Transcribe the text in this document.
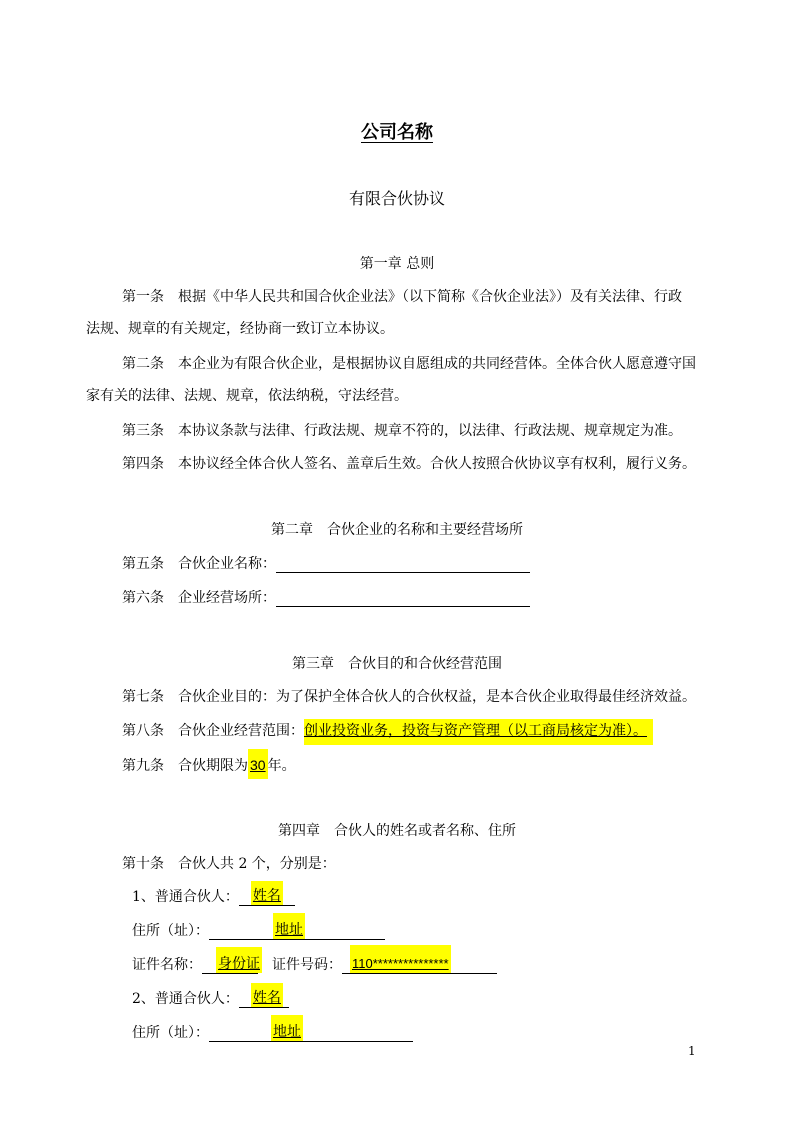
公司名称
有限合伙协议
第一章 总则
第一条 根据《中华人民共和国合伙企业法》（以下简称《合伙企业法》）及有关法律、行政
法规、规章的有关规定，经协商一致订立本协议。
第二条 本企业为有限合伙企业，是根据协议自愿组成的共同经营体。全体合伙人愿意遵守国
家有关的法律、法规、规章，依法纳税，守法经营。
第三条 本协议条款与法律、行政法规、规章不符的，以法律、行政法规、规章规定为准。
第四条 本协议经全体合伙人签名、盖章后生效。合伙人按照合伙协议享有权利，履行义务。
第二章　合伙企业的名称和主要经营场所
第五条 合伙企业名称：
第六条 企业经营场所：
第三章　合伙目的和合伙经营范围
第七条 合伙企业目的：为了保护全体合伙人的合伙权益，是本合伙企业取得最佳经济效益。
第八条 合伙企业经营范围：创业投资业务，投资与资产管理（以工商局核定为准）。
第九条 合伙期限为 30 年。
第四章　合伙人的姓名或者名称、住所
第十条 合伙人共 2 个，分别是：
1、普通合伙人： 姓名
住所（址）：	地址
证件名称： 身份证 证件号码： 110***************
2、普通合伙人： 姓名
住所（址）：	地址
1
